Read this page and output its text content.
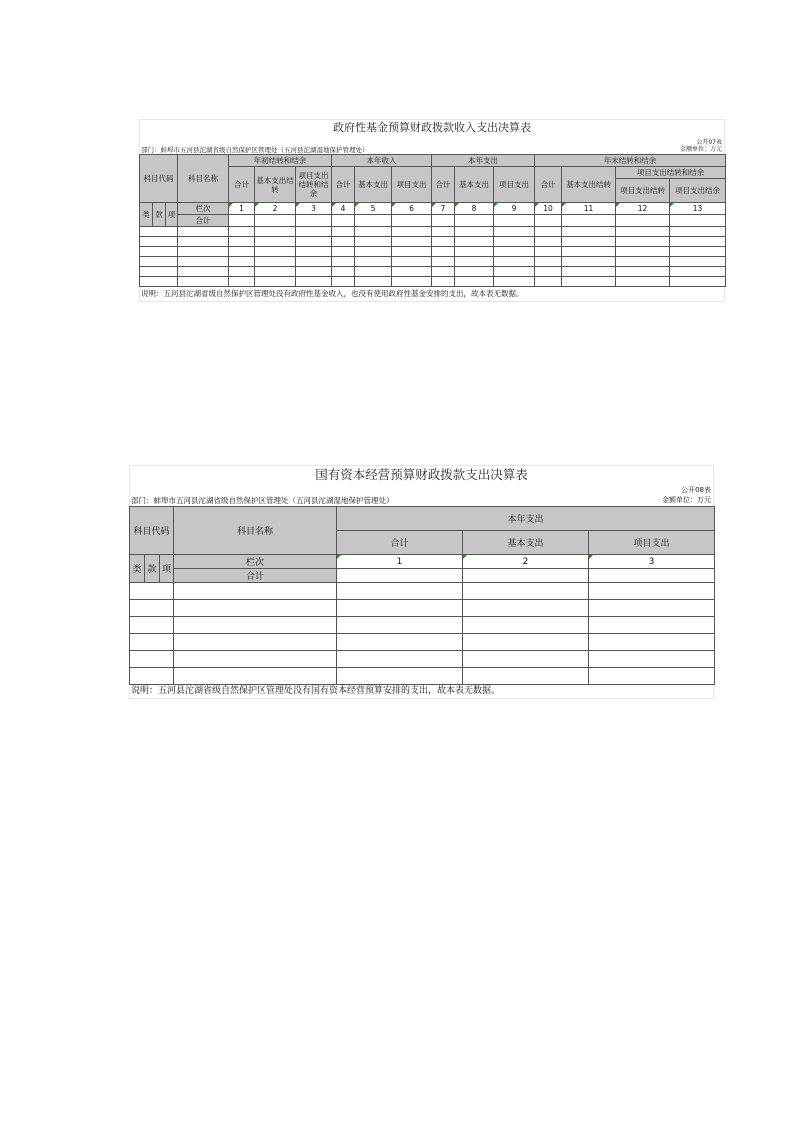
政府性基金预算财政拨款收入支出决算表
公开07表
金额单位：万元
部门：蚌埠市五河县沱湖省级自然保护区管理处（五河县沱湖湿地保护管理处）
科目代码			科目名称	年初结转和结余			本年收入			本年支出			年末结转和结余			
				合计	基本支出结转	项目支出结转和结余	合计	基本支出	项目支出	合计	基本支出	项目支出	合计	基本支出结转	项目支出结转和结余	
															项目支出结转	项目支出结余
类	款	项	栏次	1	2	3	4	5	6	7	8	9	10	11	12	13
			合计													

说明：五河县沱湖省级自然保护区管理处没有政府性基金收入，也没有使用政府性基金安排的支出，故本表无数据。
国有资本经营预算财政拨款支出决算表
公开08表
金额单位：万元
部门：蚌埠市五河县沱湖省级自然保护区管理处（五河县沱湖湿地保护管理处）
科目代码			科目名称	本年支出		
				合计	基本支出	项目支出
类	款	项	栏次	1	2	3
			合计			

说明：五河县沱湖省级自然保护区管理处没有国有资本经营预算安排的支出，故本表无数据。
